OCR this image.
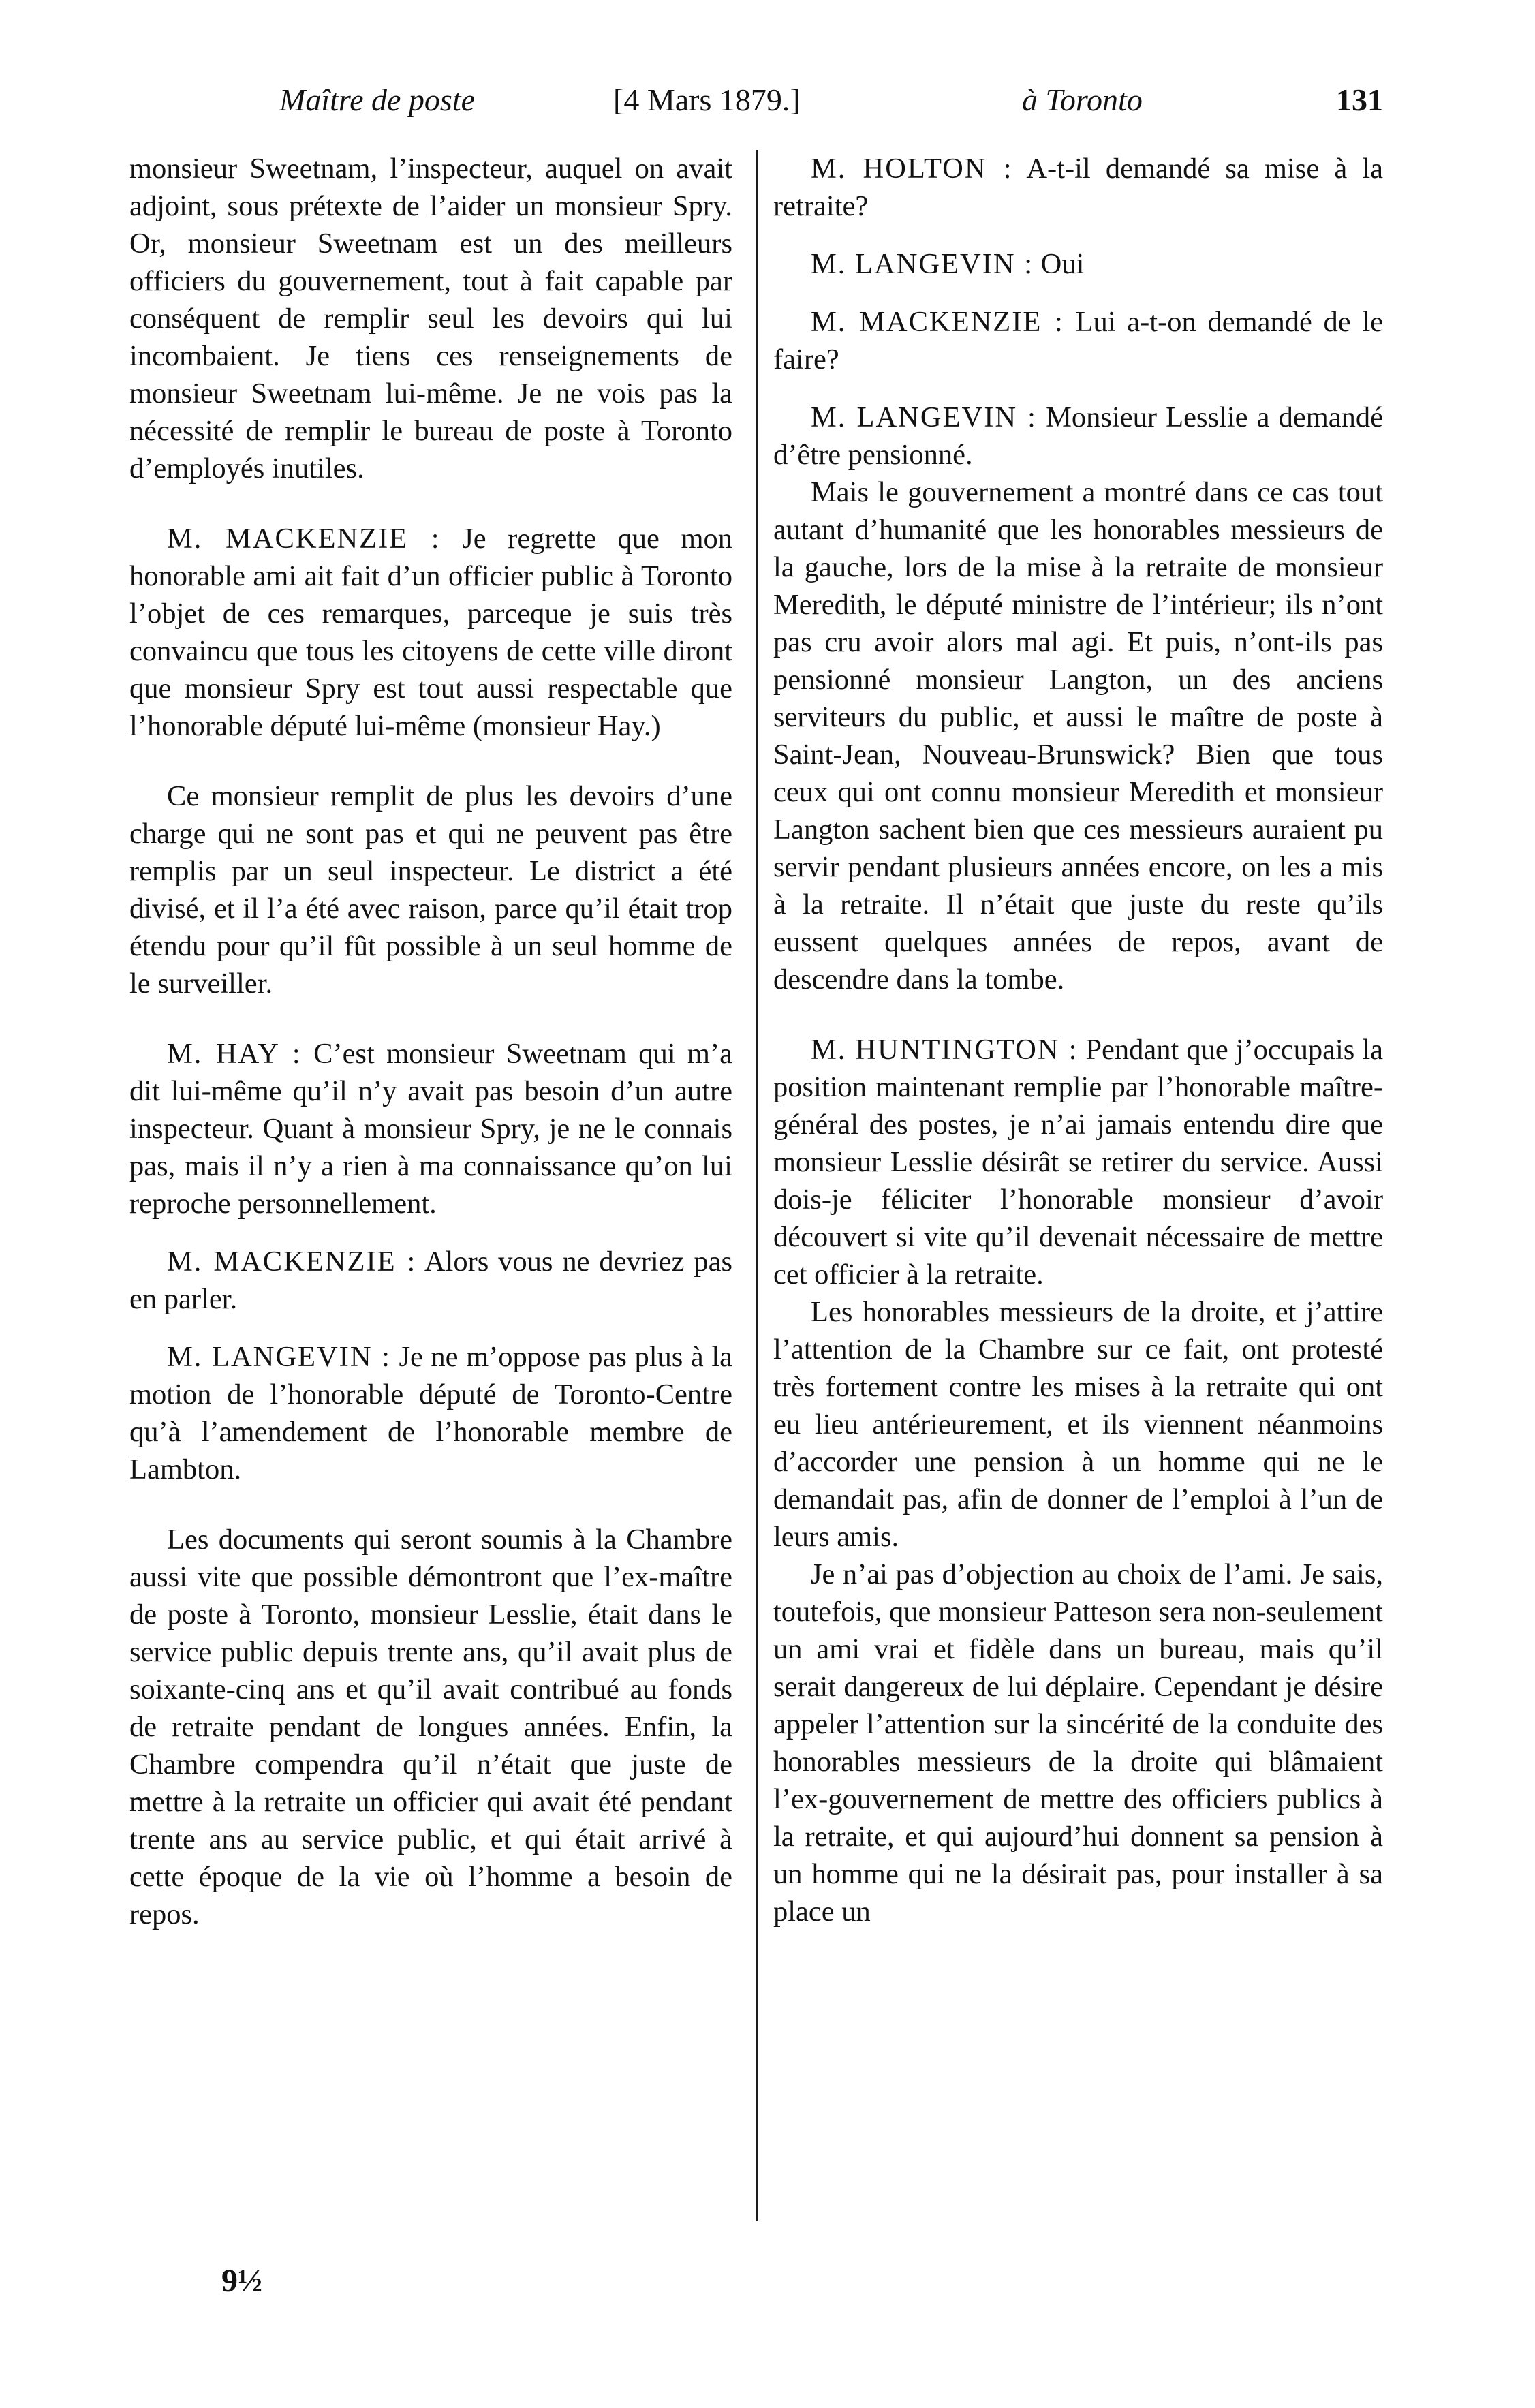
Maître de poste	[4 Mars 1879.]	à Toronto	131

monsieur Sweetnam, l’inspecteur, auquel on avait adjoint, sous prétexte de l’aider un monsieur Spry. Or, monsieur Sweetnam est un des meilleurs officiers du gouvernement, tout à fait capable par conséquent de remplir seul les devoirs qui lui incombaient. Je tiens ces renseignements de monsieur Sweetnam lui-même. Je ne vois pas la nécessité de remplir le bureau de poste à Toronto d’employés inutiles.

M. MACKENZIE : Je regrette que mon honorable ami ait fait d’un officier public à Toronto l’objet de ces remarques, parceque je suis très convaincu que tous les citoyens de cette ville diront que monsieur Spry est tout aussi respectable que l’honorable député lui-même (monsieur Hay.)

Ce monsieur remplit de plus les devoirs d’une charge qui ne sont pas et qui ne peuvent pas être remplis par un seul inspecteur. Le district a été divisé, et il l’a été avec raison, parce qu’il était trop étendu pour qu’il fût possible à un seul homme de le surveiller.

M. HAY : C’est monsieur Sweetnam qui m’a dit lui-même qu’il n’y avait pas besoin d’un autre inspecteur. Quant à monsieur Spry, je ne le connais pas, mais il n’y a rien à ma connaissance qu’on lui reproche personnellement.

M. MACKENZIE : Alors vous ne devriez pas en parler.

M. LANGEVIN : Je ne m’oppose pas plus à la motion de l’honorable député de Toronto-Centre qu’à l’amendement de l’honorable membre de Lambton.

Les documents qui seront soumis à la Chambre aussi vite que possible démontront que l’ex-maître de poste à Toronto, monsieur Lesslie, était dans le service public depuis trente ans, qu’il avait plus de soixante-cinq ans et qu’il avait contribué au fonds de retraite pendant de longues années. Enfin, la Chambre compendra qu’il n’était que juste de mettre à la retraite un officier qui avait été pendant trente ans au service public, et qui était arrivé à cette époque de la vie où l’homme a besoin de repos.

M. HOLTON : A-t-il demandé sa mise à la retraite?

M. LANGEVIN : Oui

M. MACKENZIE : Lui a-t-on demandé de le faire?

M. LANGEVIN : Monsieur Lesslie a demandé d’être pensionné.

Mais le gouvernement a montré dans ce cas tout autant d’humanité que les honorables messieurs de la gauche, lors de la mise à la retraite de monsieur Meredith, le député ministre de l’intérieur; ils n’ont pas cru avoir alors mal agi. Et puis, n’ont-ils pas pensionné monsieur Langton, un des anciens serviteurs du public, et aussi le maître de poste à Saint-Jean, Nouveau-Brunswick? Bien que tous ceux qui ont connu monsieur Meredith et monsieur Langton sachent bien que ces messieurs auraient pu servir pendant plusieurs années encore, on les a mis à la retraite. Il n’était que juste du reste qu’ils eussent quelques années de repos, avant de descendre dans la tombe.

M. HUNTINGTON : Pendant que j’occupais la position maintenant remplie par l’honorable maître-général des postes, je n’ai jamais entendu dire que monsieur Lesslie désirât se retirer du service. Aussi dois-je féliciter l’honorable monsieur d’avoir découvert si vite qu’il devenait nécessaire de mettre cet officier à la retraite.

Les honorables messieurs de la droite, et j’attire l’attention de la Chambre sur ce fait, ont protesté très fortement contre les mises à la retraite qui ont eu lieu antérieurement, et ils viennent néanmoins d’accorder une pension à un homme qui ne le demandait pas, afin de donner de l’emploi à l’un de leurs amis.

Je n’ai pas d’objection au choix de l’ami. Je sais, toutefois, que monsieur Patteson sera non-seulement un ami vrai et fidèle dans un bureau, mais qu’il serait dangereux de lui déplaire. Cependant je désire appeler l’attention sur la sincérité de la conduite des honorables messieurs de la droite qui blâmaient l’ex-gouvernement de mettre des officiers publics à la retraite, et qui aujourd’hui donnent sa pension à un homme qui ne la désirait pas, pour installer à sa place un

9½
